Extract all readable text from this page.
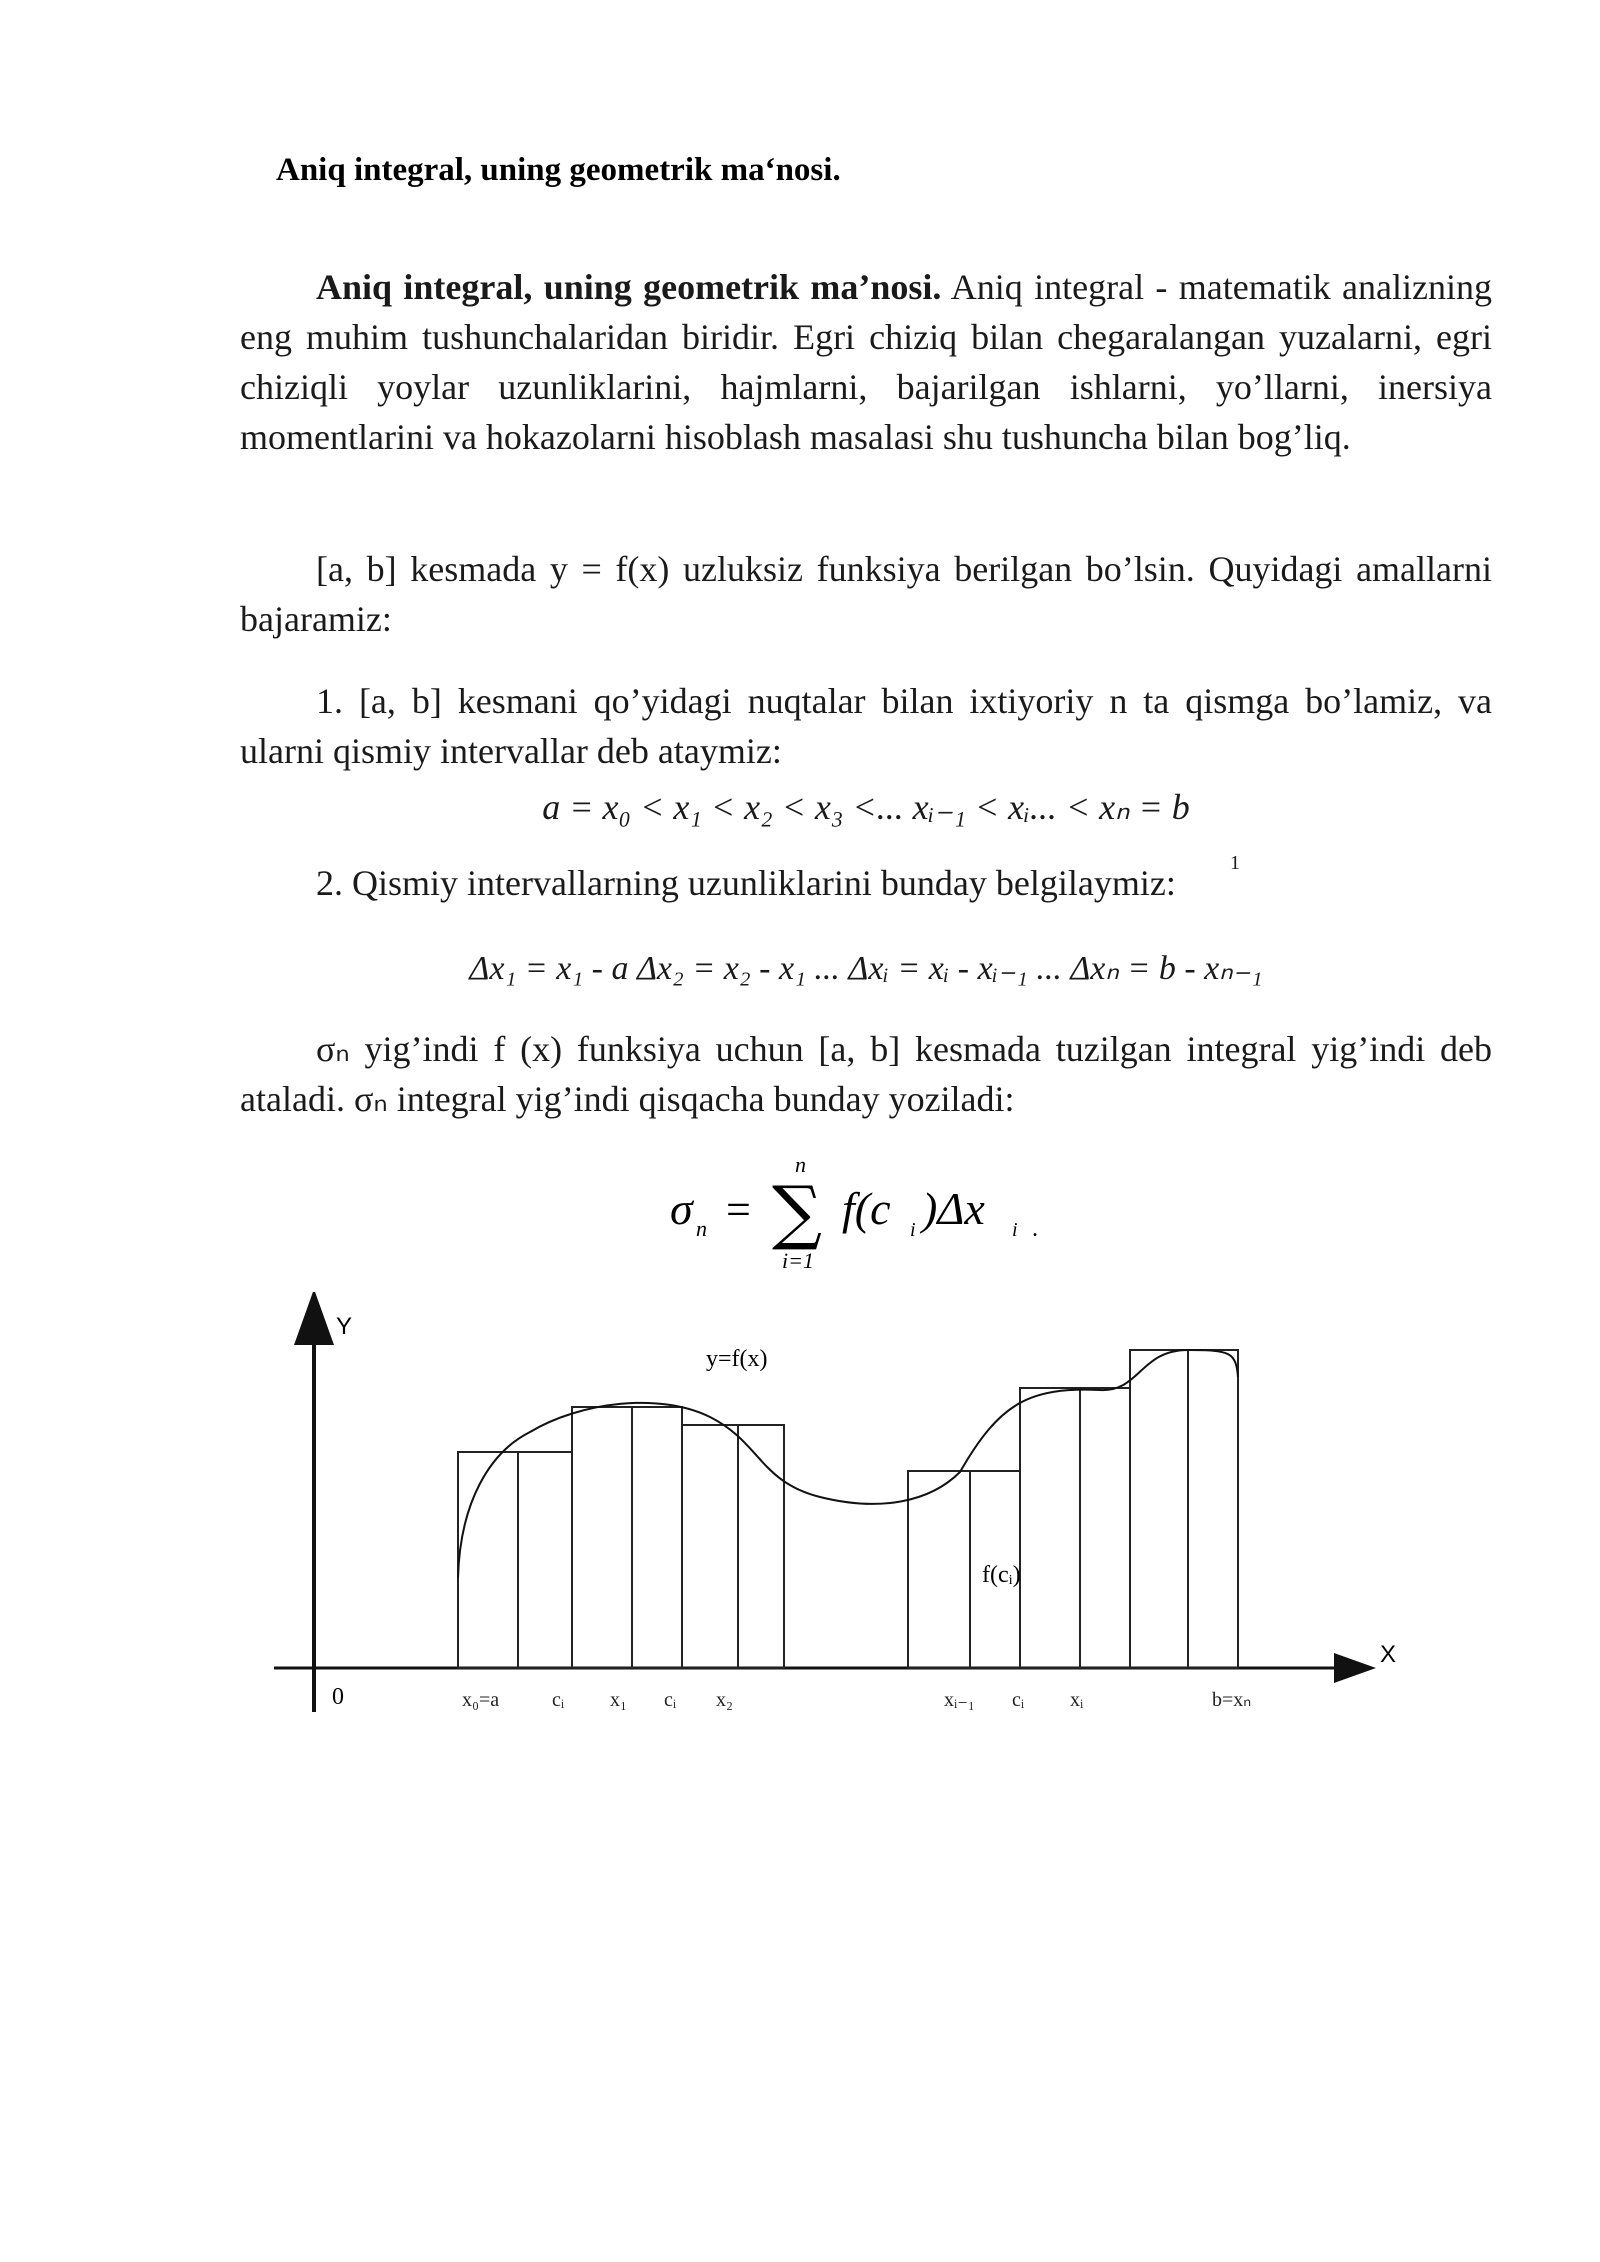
Aniq integral, uning geometrik ma‘nosi.

Aniq integral, uning geometrik ma’nosi. Aniq integral - matematik analizning eng muhim tushunchalaridan biridir. Egri chiziq bilan chegaralangan yuzalarni, egri chiziqli yoylar uzunliklarini, hajmlarni, bajarilgan ishlarni, yo’llarni, inersiya momentlarini va hokazolarni hisoblash masalasi shu tushuncha bilan bog’liq.

[a, b] kesmada y = f(x) uzluksiz funksiya berilgan bo’lsin. Quyidagi amallarni bajaramiz:

1. [a, b] kesmani qo’yidagi nuqtalar bilan ixtiyoriy n ta qismga bo’lamiz, va ularni qismiy intervallar deb ataymiz:

a = x₀ < x₁ < x₂ < x₃ <... xᵢ₋₁ < xᵢ... < xₙ = b

2. Qismiy intervallarning uzunliklarini bunday belgilaymiz:	1
Δx₁ = x₁ - a Δx₂ = x₂ - x₁ ... Δxᵢ = xᵢ - xᵢ₋₁ ... Δxₙ = b - xₙ₋₁

σₙ yig’indi f (x) funksiya uchun [a, b] kesmada tuzilgan integral yig’indi deb ataladi. σₙ integral yig’indi qisqacha bunday yoziladi:

σ n = ∑
n
i=1
f(c i )Δx i .
Y
X
0
y=f(x)
f(cᵢ)
x₀=a	cᵢ x₁ cᵢ x₂	xᵢ₋₁ cᵢ xᵢ	b=xₙ
